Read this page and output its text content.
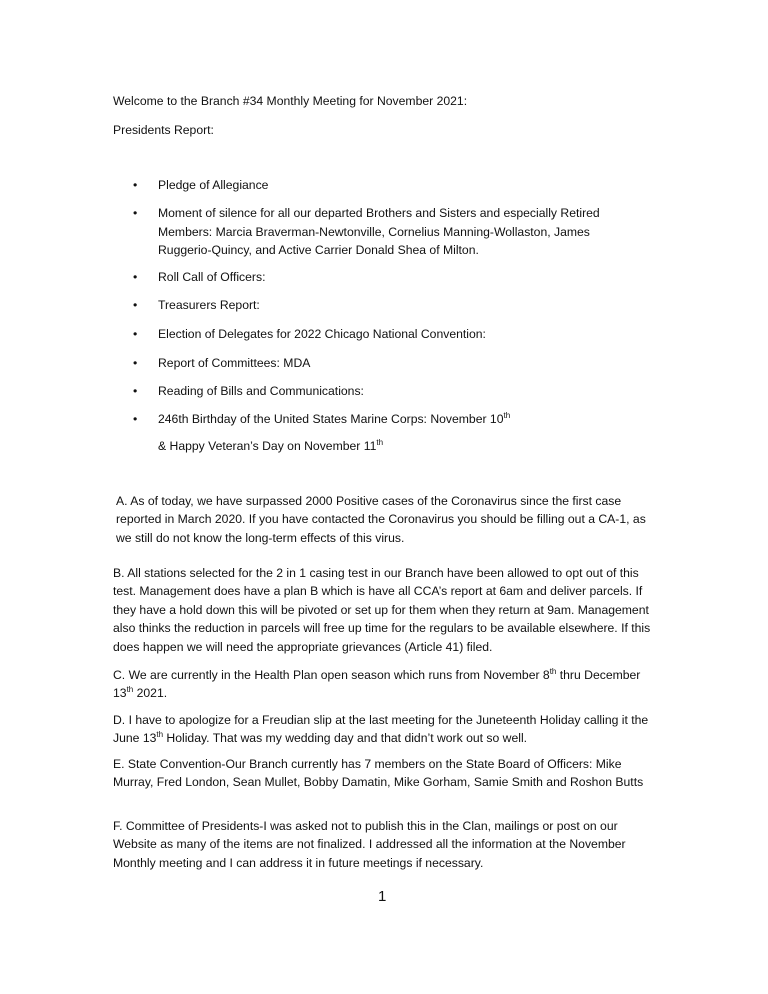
Welcome to the Branch #34 Monthly Meeting for November 2021:
Presidents Report:
• Pledge of Allegiance
• Moment of silence for all our departed Brothers and Sisters and especially Retired Members: Marcia Braverman-Newtonville, Cornelius Manning-Wollaston, James Ruggerio-Quincy, and Active Carrier Donald Shea of Milton.
• Roll Call of Officers:
• Treasurers Report:
• Election of Delegates for 2022 Chicago National Convention:
• Report of Committees: MDA
• Reading of Bills and Communications:
• 246th Birthday of the United States Marine Corps: November 10th
& Happy Veteran’s Day on November 11th
A. As of today, we have surpassed 2000 Positive cases of the Coronavirus since the first case reported in March 2020. If you have contacted the Coronavirus you should be filling out a CA-1, as we still do not know the long-term effects of this virus.
B. All stations selected for the 2 in 1 casing test in our Branch have been allowed to opt out of this test. Management does have a plan B which is have all CCA’s report at 6am and deliver parcels. If they have a hold down this will be pivoted or set up for them when they return at 9am. Management also thinks the reduction in parcels will free up time for the regulars to be available elsewhere. If this does happen we will need the appropriate grievances (Article 41) filed.
C. We are currently in the Health Plan open season which runs from November 8th thru December 13th 2021.
D. I have to apologize for a Freudian slip at the last meeting for the Juneteenth Holiday calling it the June 13th Holiday. That was my wedding day and that didn’t work out so well.
E. State Convention-Our Branch currently has 7 members on the State Board of Officers: Mike Murray, Fred London, Sean Mullet, Bobby Damatin, Mike Gorham, Samie Smith and Roshon Butts
F. Committee of Presidents-I was asked not to publish this in the Clan, mailings or post on our Website as many of the items are not finalized. I addressed all the information at the November Monthly meeting and I can address it in future meetings if necessary.
1
